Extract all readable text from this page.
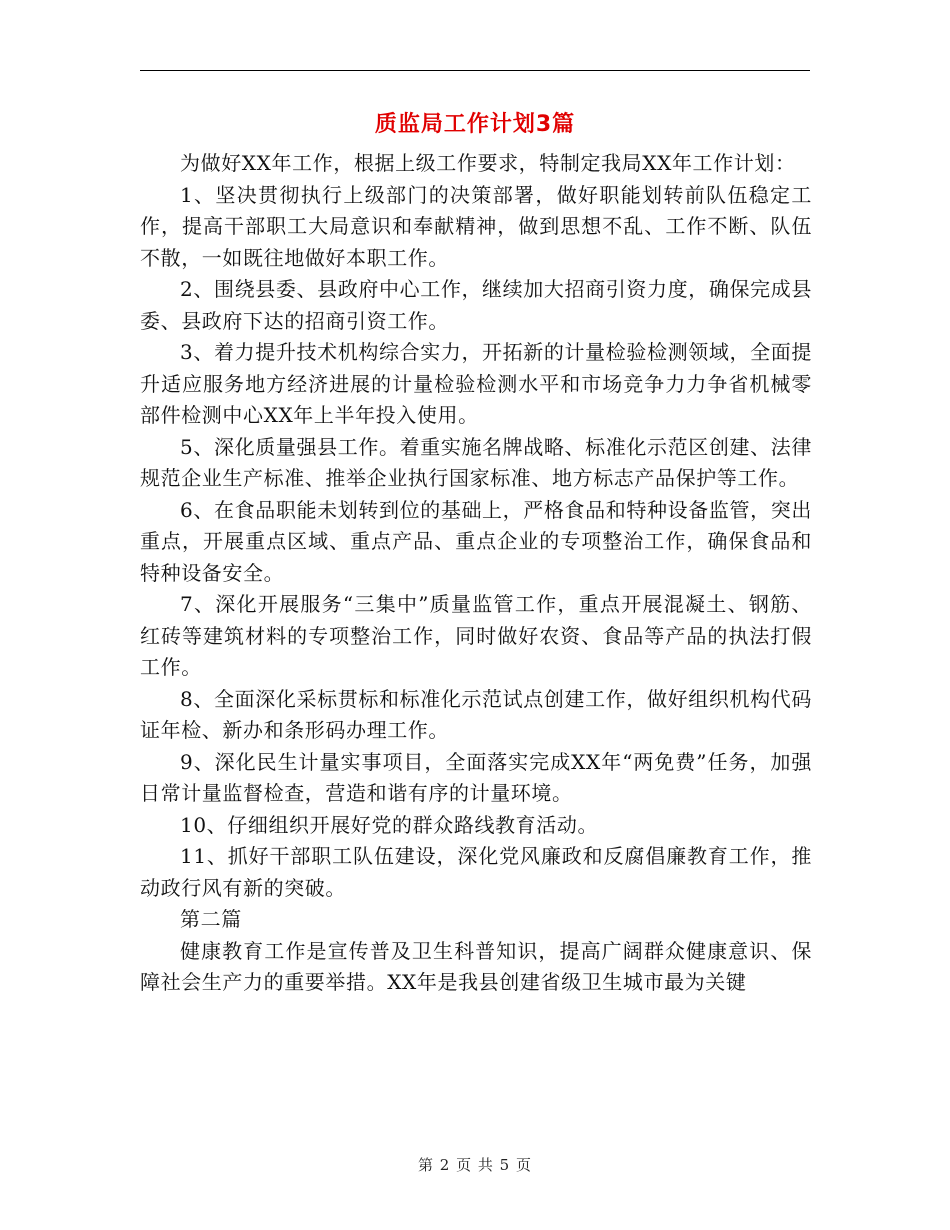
质监局工作计划3篇

为做好XX年工作，根据上级工作要求，特制定我局XX年工作计划：

1、坚决贯彻执行上级部门的决策部署，做好职能划转前队伍稳定工作，提高干部职工大局意识和奉献精神，做到思想不乱、工作不断、队伍不散，一如既往地做好本职工作。

2、围绕县委、县政府中心工作，继续加大招商引资力度，确保完成县委、县政府下达的招商引资工作。

3、着力提升技术机构综合实力，开拓新的计量检验检测领域，全面提升适应服务地方经济进展的计量检验检测水平和市场竞争力力争省机械零部件检测中心XX年上半年投入使用。

5、深化质量强县工作。着重实施名牌战略、标准化示范区创建、法律规范企业生产标准、推举企业执行国家标准、地方标志产品保护等工作。

6、在食品职能未划转到位的基础上，严格食品和特种设备监管，突出重点，开展重点区域、重点产品、重点企业的专项整治工作，确保食品和特种设备安全。

7、深化开展服务“三集中”质量监管工作，重点开展混凝土、钢筋、红砖等建筑材料的专项整治工作，同时做好农资、食品等产品的执法打假工作。

8、全面深化采标贯标和标准化示范试点创建工作，做好组织机构代码证年检、新办和条形码办理工作。

9、深化民生计量实事项目，全面落实完成XX年“两免费”任务，加强日常计量监督检查，营造和谐有序的计量环境。

10、仔细组织开展好党的群众路线教育活动。

11、抓好干部职工队伍建设，深化党风廉政和反腐倡廉教育工作，推动政行风有新的突破。

第二篇

健康教育工作是宣传普及卫生科普知识，提高广阔群众健康意识、保障社会生产力的重要举措。XX年是我县创建省级卫生城市最为关键

第 2 页 共 5 页
